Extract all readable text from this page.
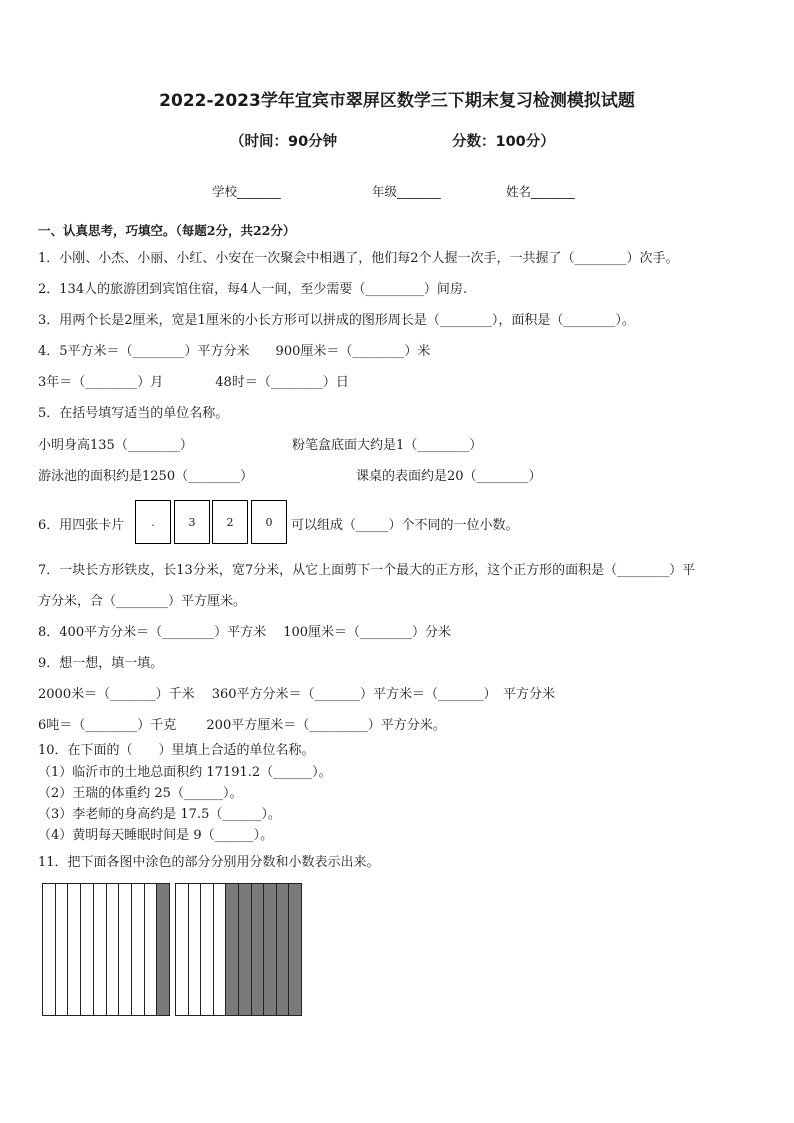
2022-2023学年宜宾市翠屏区数学三下期末复习检测模拟试题
（时间：90分钟	分数：100分）
学校_______	年级_______	姓名_______
一、认真思考，巧填空。（每题2分，共22分）
1．小刚、小杰、小丽、小红、小安在一次聚会中相遇了，他们每2个人握一次手，一共握了（________）次手。
2．134人的旅游团到宾馆住宿，每4人一间，至少需要（_________）间房.
3．用两个长是2厘米，宽是1厘米的小长方形可以拼成的图形周长是（________），面积是（________）。
4．5平方米＝（________）平方分米　　900厘米＝（________）米
3年＝（________）月　　　　48时＝（________）日
5．在括号填写适当的单位名称。
小明身高135（________）	粉笔盒底面大约是1（________）
游泳池的面积约是1250（________）	课桌的表面约是20（________）
6．用四张卡片	.	3	2	0	可以组成（_____）个不同的一位小数。
7．一块长方形铁皮，长13分米，宽7分米，从它上面剪下一个最大的正方形，这个正方形的面积是（________）平
方分米，合（________）平方厘米。
8．400平方分米＝（________）平方米　 100厘米＝（________）分米
9．想一想，填一填。
2000米＝（_______）千米　 360平方分米＝（_______）平方米＝（_______）　平方分米
6吨＝（________）千克　　 200平方厘米＝（_________）平方分米。
10．在下面的（　　）里填上合适的单位名称。
（1）临沂市的土地总面积约 17191.2（______）。
（2）王瑞的体重约 25（______）。
（3）李老师的身高约是 17.5（______）。
（4）黄明每天睡眠时间是 9（______）。
11．把下面各图中涂色的部分分别用分数和小数表示出来。
